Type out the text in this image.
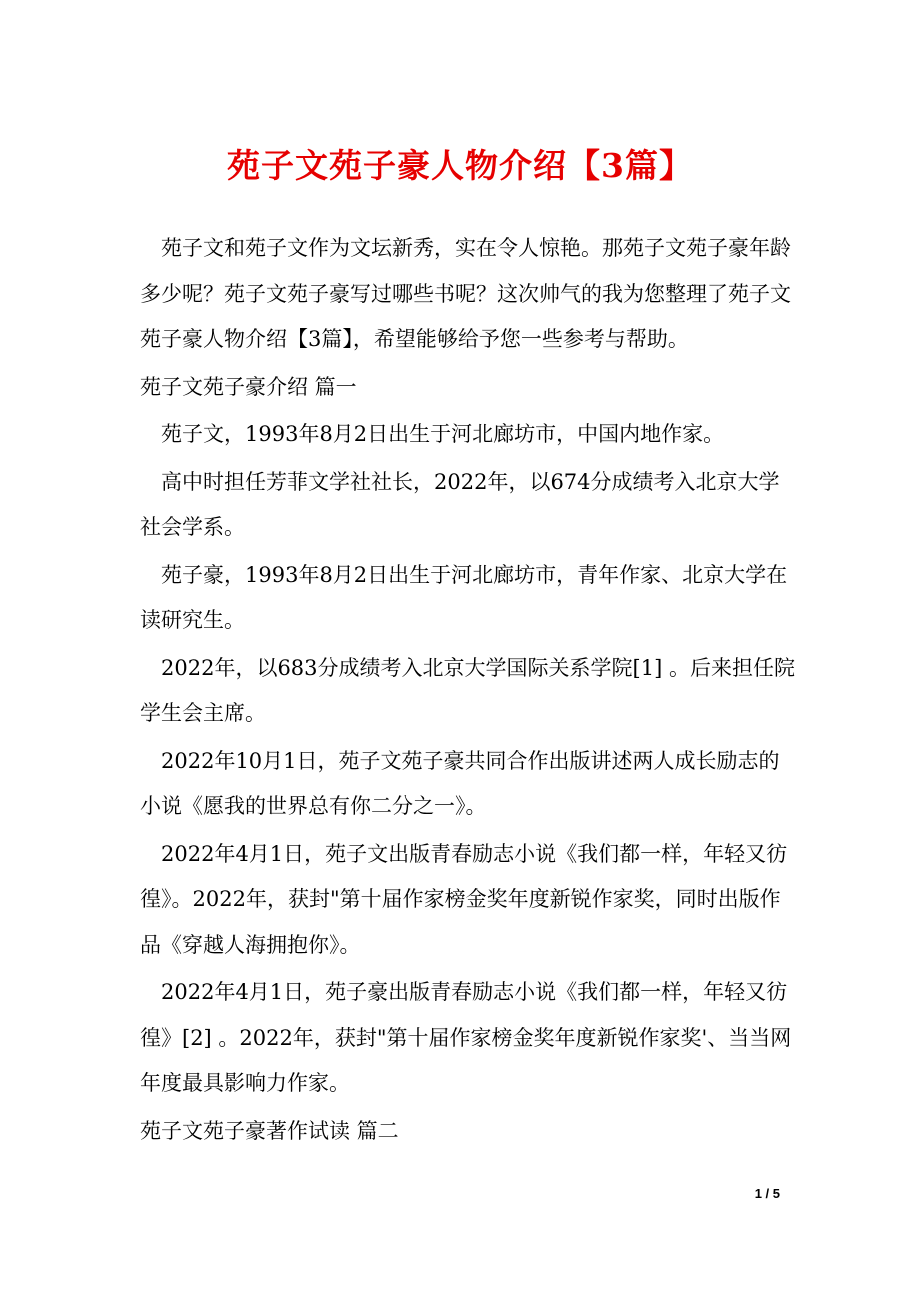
苑子文苑子豪人物介绍【3篇】

苑子文和苑子文作为文坛新秀，实在令人惊艳。那苑子文苑子豪年龄多少呢？苑子文苑子豪写过哪些书呢？这次帅气的我为您整理了苑子文苑子豪人物介绍【3篇】，希望能够给予您一些参考与帮助。

苑子文苑子豪介绍 篇一

苑子文，1993年8月2日出生于河北廊坊市，中国内地作家。

高中时担任芳菲文学社社长，2022年，以674分成绩考入北京大学社会学系。

苑子豪，1993年8月2日出生于河北廊坊市，青年作家、北京大学在读研究生。

2022年，以683分成绩考入北京大学国际关系学院[1] 。后来担任院学生会主席。

2022年10月1日，苑子文苑子豪共同合作出版讲述两人成长励志的小说《愿我的世界总有你二分之一》。

2022年4月1日，苑子文出版青春励志小说《我们都一样，年轻又彷徨》。2022年，获封"第十届作家榜金奖年度新锐作家奖，同时出版作品《穿越人海拥抱你》。

2022年4月1日，苑子豪出版青春励志小说《我们都一样，年轻又彷徨》[2] 。2022年，获封"第十届作家榜金奖年度新锐作家奖'、当当网年度最具影响力作家。

苑子文苑子豪著作试读 篇二

1 / 5
